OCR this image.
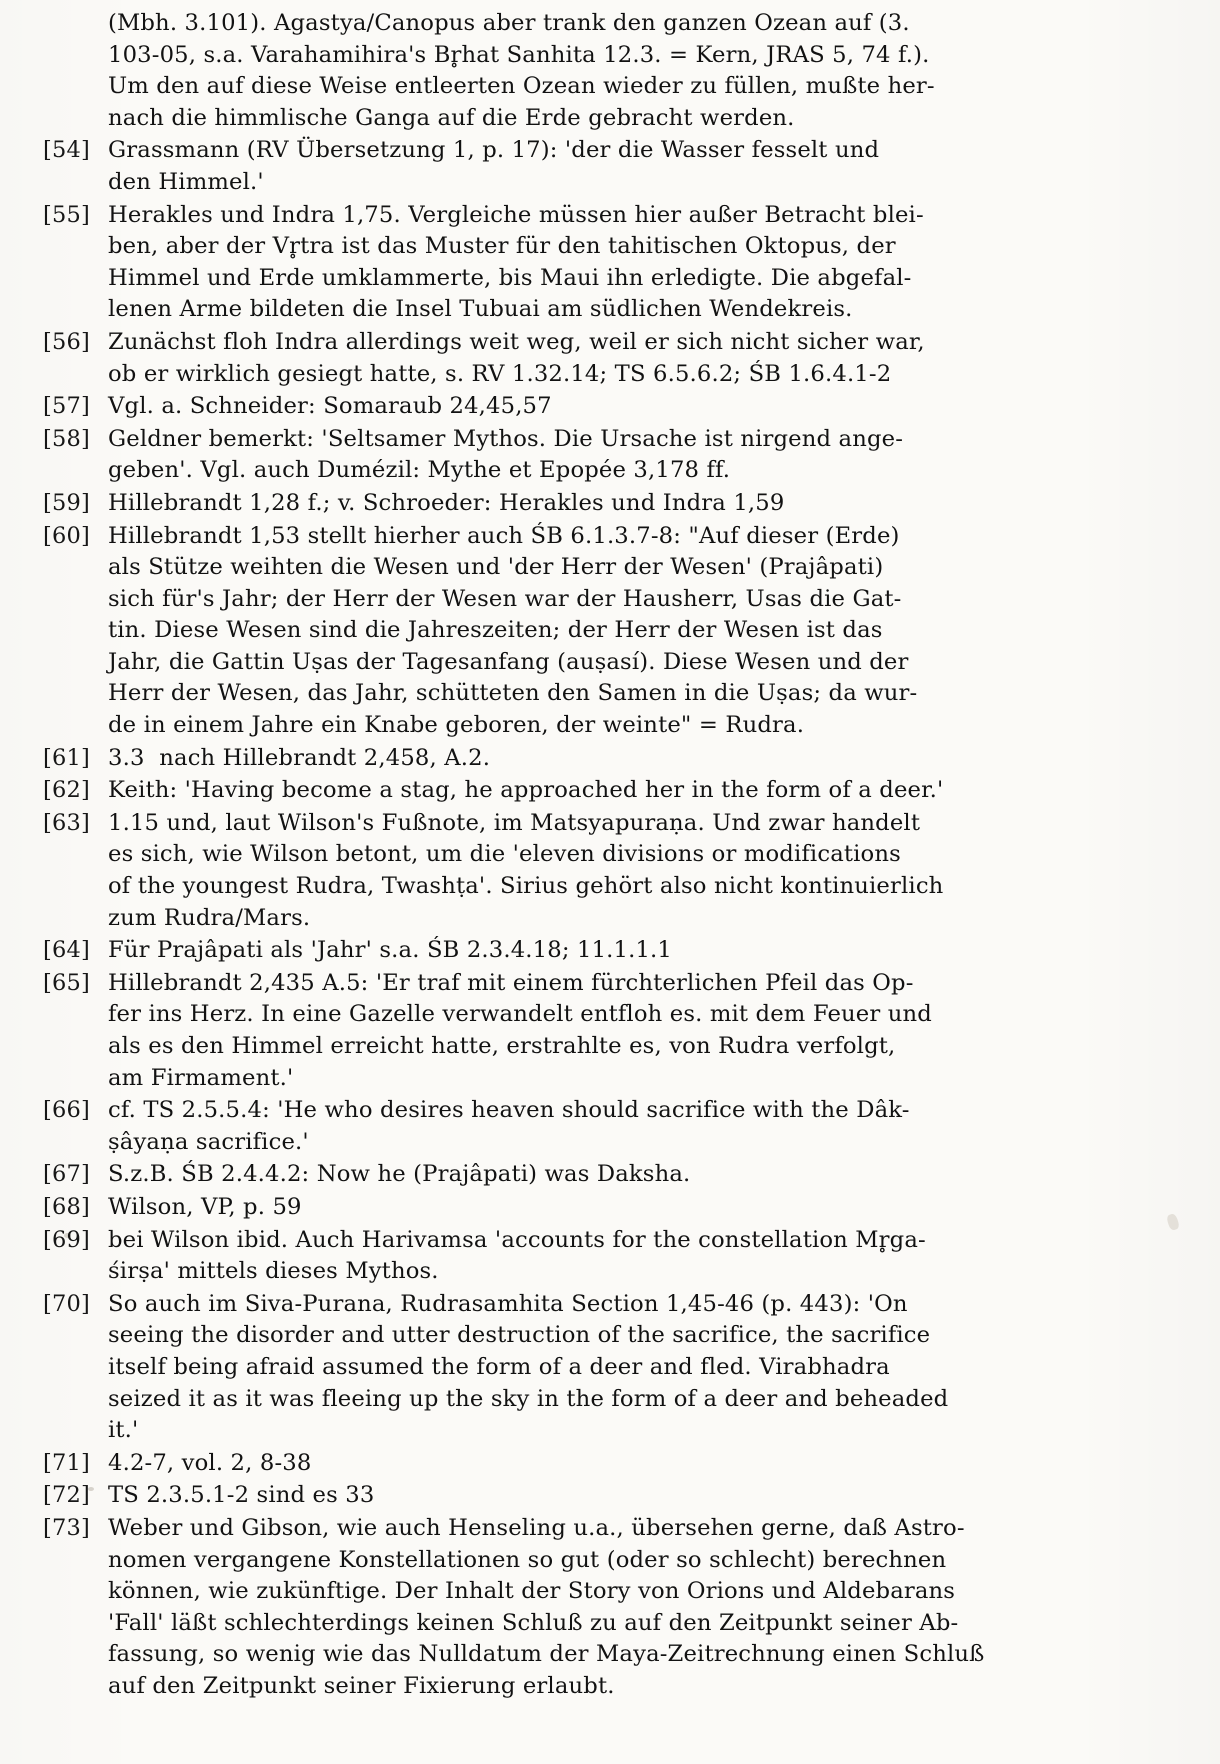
(Mbh. 3.101). Agastya/Canopus aber trank den ganzen Ozean auf (3.
103-05, s.a. Varahamihira's Br̥hat Sanhita 12.3. = Kern, JRAS 5, 74 f.).
Um den auf diese Weise entleerten Ozean wieder zu füllen, mußte her-
nach die himmlische Ganga auf die Erde gebracht werden.
[54] Grassmann (RV Übersetzung 1, p. 17): 'der die Wasser fesselt und
den Himmel.'
[55] Herakles und Indra 1,75. Vergleiche müssen hier außer Betracht blei-
ben, aber der Vr̥tra ist das Muster für den tahitischen Oktopus, der
Himmel und Erde umklammerte, bis Maui ihn erledigte. Die abgefal-
lenen Arme bildeten die Insel Tubuai am südlichen Wendekreis.
[56] Zunächst floh Indra allerdings weit weg, weil er sich nicht sicher war,
ob er wirklich gesiegt hatte, s. RV 1.32.14; TS 6.5.6.2; ŚB 1.6.4.1-2
[57] Vgl. a. Schneider: Somaraub 24,45,57
[58] Geldner bemerkt: 'Seltsamer Mythos. Die Ursache ist nirgend ange-
geben'. Vgl. auch Dumézil: Mythe et Epopée 3,178 ff.
[59] Hillebrandt 1,28 f.; v. Schroeder: Herakles und Indra 1,59
[60] Hillebrandt 1,53 stellt hierher auch ŚB 6.1.3.7-8: "Auf dieser (Erde)
als Stütze weihten die Wesen und 'der Herr der Wesen' (Prajâpati)
sich für's Jahr; der Herr der Wesen war der Hausherr, Usas die Gat-
tin. Diese Wesen sind die Jahreszeiten; der Herr der Wesen ist das
Jahr, die Gattin Uṣas der Tagesanfang (auṣasí). Diese Wesen und der
Herr der Wesen, das Jahr, schütteten den Samen in die Uṣas; da wur-
de in einem Jahre ein Knabe geboren, der weinte" = Rudra.
[61] 3.3  nach Hillebrandt 2,458, A.2.
[62] Keith: 'Having become a stag, he approached her in the form of a deer.'
[63] 1.15 und, laut Wilson's Fußnote, im Matsyapuraṇa. Und zwar handelt
es sich, wie Wilson betont, um die 'eleven divisions or modifications
of the youngest Rudra, Twashṭa'. Sirius gehört also nicht kontinuierlich
zum Rudra/Mars.
[64] Für Prajâpati als 'Jahr' s.a. ŚB 2.3.4.18; 11.1.1.1
[65] Hillebrandt 2,435 A.5: 'Er traf mit einem fürchterlichen Pfeil das Op-
fer ins Herz. In eine Gazelle verwandelt entfloh es. mit dem Feuer und
als es den Himmel erreicht hatte, erstrahlte es, von Rudra verfolgt,
am Firmament.'
[66] cf. TS 2.5.5.4: 'He who desires heaven should sacrifice with the Dâk-
ṣâyaṇa sacrifice.'
[67] S.z.B. ŚB 2.4.4.2: Now he (Prajâpati) was Daksha.
[68] Wilson, VP, p. 59
[69] bei Wilson ibid. Auch Harivamsa 'accounts for the constellation Mr̥ga-
śirṣa' mittels dieses Mythos.
[70] So auch im Siva-Purana, Rudrasamhita Section 1,45-46 (p. 443): 'On
seeing the disorder and utter destruction of the sacrifice, the sacrifice
itself being afraid assumed the form of a deer and fled. Virabhadra
seized it as it was fleeing up the sky in the form of a deer and beheaded
it.'
[71] 4.2-7, vol. 2, 8-38
[72] TS 2.3.5.1-2 sind es 33
[73] Weber und Gibson, wie auch Henseling u.a., übersehen gerne, daß Astro-
nomen vergangene Konstellationen so gut (oder so schlecht) berechnen
können, wie zukünftige. Der Inhalt der Story von Orions und Aldebarans
'Fall' läßt schlechterdings keinen Schluß zu auf den Zeitpunkt seiner Ab-
fassung, so wenig wie das Nulldatum der Maya-Zeitrechnung einen Schluß
auf den Zeitpunkt seiner Fixierung erlaubt.
